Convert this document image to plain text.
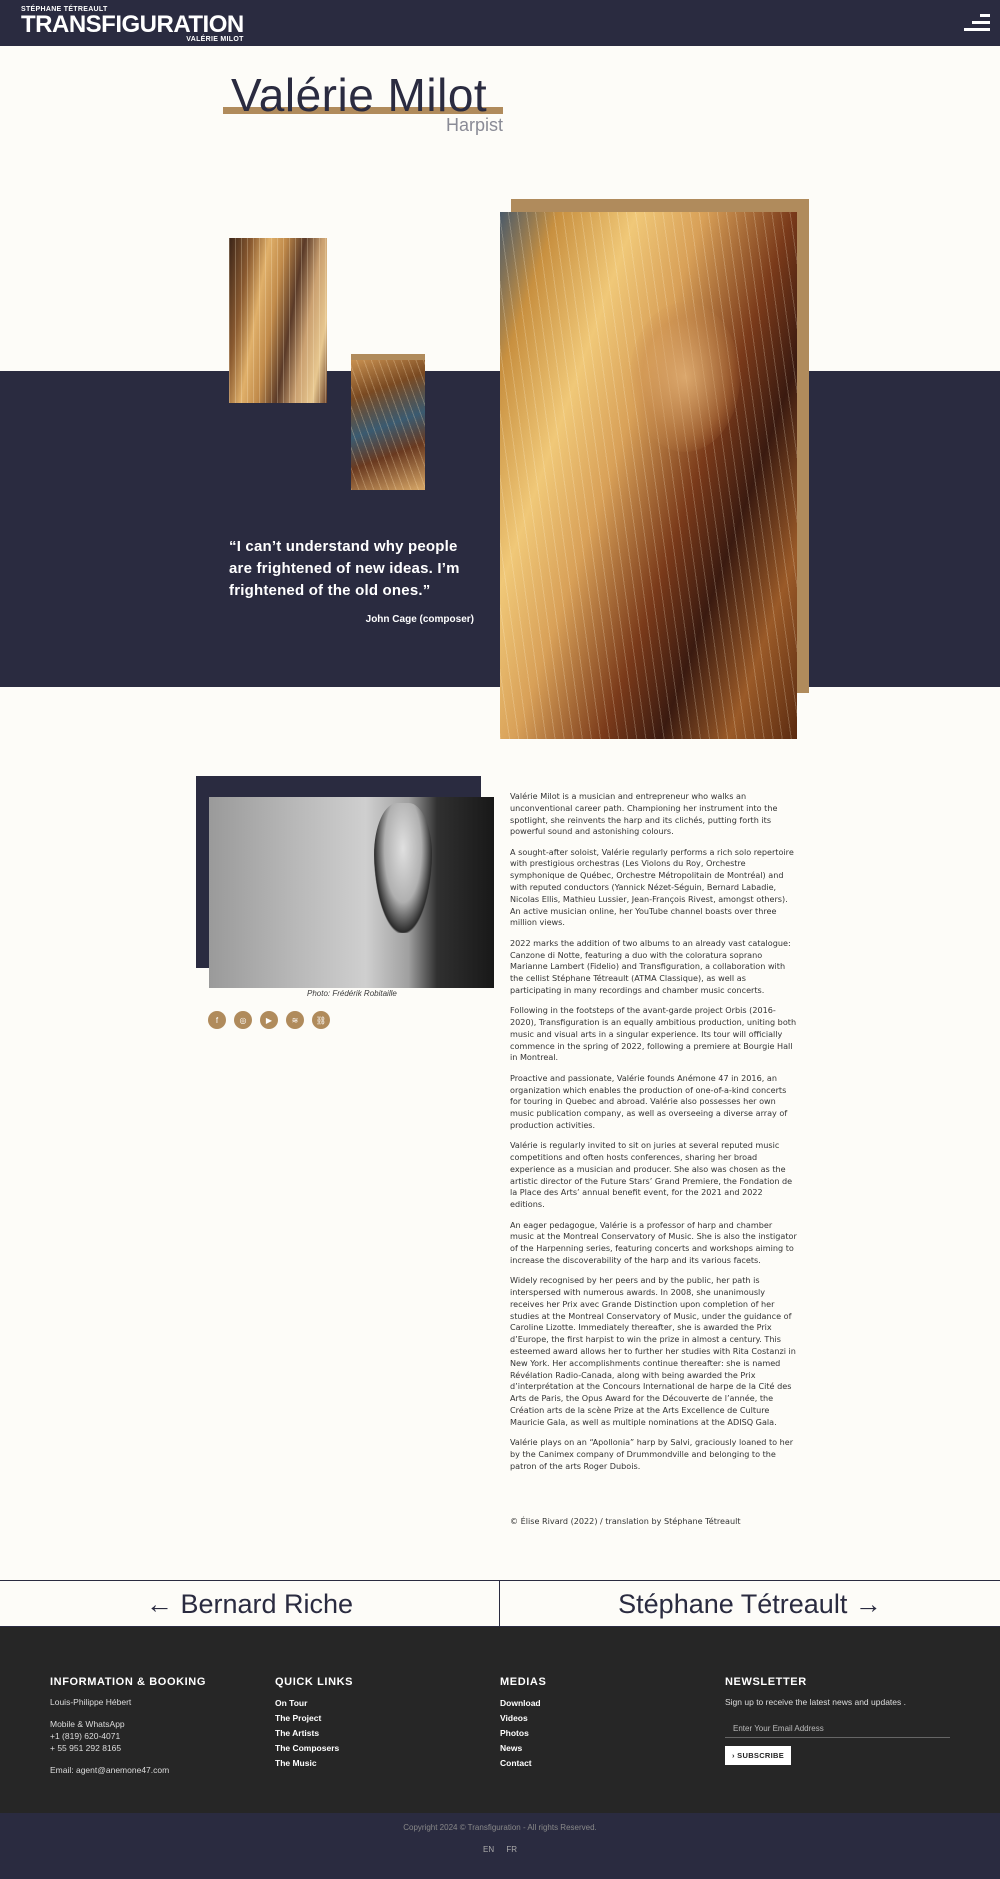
STÉPHANE TÉTREAULT
TRANSFIGURATION
VALÉRIE MILOT
Valérie Milot
Harpist
“I can’t understand why people are frightened of new ideas. I’m frightened of the old ones.”
John Cage (composer)
Photo: Frédérik Robitaille
f	◎	▶	≋	⛓

Valérie Milot is a musician and entrepreneur who walks an unconventional career path. Championing her instrument into the spotlight, she reinvents the harp and its clichés, putting forth its powerful sound and astonishing colours.

A sought-after soloist, Valérie regularly performs a rich solo repertoire with prestigious orchestras (Les Violons du Roy, Orchestre symphonique de Québec, Orchestre Métropolitain de Montréal) and with reputed conductors (Yannick Nézet-Séguin, Bernard Labadie, Nicolas Ellis, Mathieu Lussier, Jean-François Rivest, amongst others). An active musician online, her YouTube channel boasts over three million views.

2022 marks the addition of two albums to an already vast catalogue: Canzone di Notte, featuring a duo with the coloratura soprano Marianne Lambert (Fidelio) and Transfiguration, a collaboration with the cellist Stéphane Tétreault (ATMA Classique), as well as participating in many recordings and chamber music concerts.

Following in the footsteps of the avant-garde project Orbis (2016-2020), Transfiguration is an equally ambitious production, uniting both music and visual arts in a singular experience. Its tour will officially commence in the spring of 2022, following a premiere at Bourgie Hall in Montreal.

Proactive and passionate, Valérie founds Anémone 47 in 2016, an organization which enables the production of one-of-a-kind concerts for touring in Quebec and abroad. Valérie also possesses her own music publication company, as well as overseeing a diverse array of production activities.

Valérie is regularly invited to sit on juries at several reputed music competitions and often hosts conferences, sharing her broad experience as a musician and producer. She also was chosen as the artistic director of the Future Stars’ Grand Premiere, the Fondation de la Place des Arts’ annual benefit event, for the 2021 and 2022 editions.

An eager pedagogue, Valérie is a professor of harp and chamber music at the Montreal Conservatory of Music. She is also the instigator of the Harpenning series, featuring concerts and workshops aiming to increase the discoverability of the harp and its various facets.

Widely recognised by her peers and by the public, her path is interspersed with numerous awards. In 2008, she unanimously receives her Prix avec Grande Distinction upon completion of her studies at the Montreal Conservatory of Music, under the guidance of Caroline Lizotte. Immediately thereafter, she is awarded the Prix d’Europe, the first harpist to win the prize in almost a century. This esteemed award allows her to further her studies with Rita Costanzi in New York. Her accomplishments continue thereafter: she is named Révélation Radio-Canada, along with being awarded the Prix d’interprétation at the Concours International de harpe de la Cité des Arts de Paris, the Opus Award for the Découverte de l’année, the Création arts de la scène Prize at the Arts Excellence de Culture Mauricie Gala, as well as multiple nominations at the ADISQ Gala.

Valérie plays on an “Apollonia” harp by Salvi, graciously loaned to her by the Canimex company of Drummondville and belonging to the patron of the arts Roger Dubois.

© Élise Rivard (2022) / translation by Stéphane Tétreault
← Bernard Riche	Stéphane Tétreault →
INFORMATION & BOOKING
Louis-Philippe Hébert
Mobile & WhatsApp
+1 (819) 620-4071
+ 55 951 292 8165
Email: agent@anemone47.com
QUICK LINKS
On Tour
The Project
The Artists
The Composers
The Music
MEDIAS
Download
Videos
Photos
News
Contact
NEWSLETTER
Sign up to receive the latest news and updates .
Enter Your Email Address
› SUBSCRIBE
Copyright 2024 © Transfiguration - All rights Reserved.
EN FR
